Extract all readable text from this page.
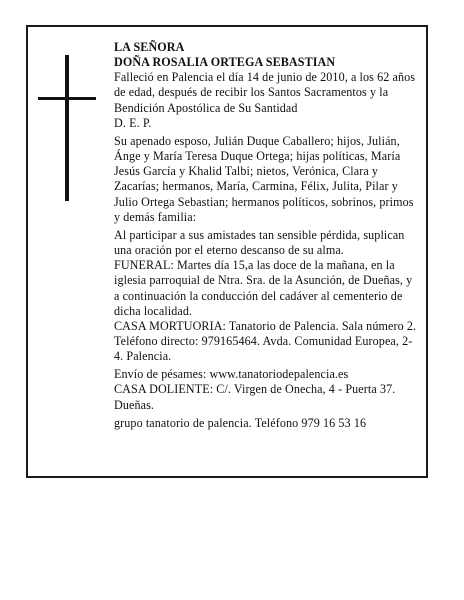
LA SEÑORA

DOÑA ROSALIA ORTEGA SEBASTIAN

Falleció en Palencia el día 14 de junio de 2010, a los 62 años de edad, después de recibir los Santos Sacramentos y la Bendición Apostólica de Su Santidad

D. E. P.

Su apenado esposo, Julián Duque Caballero; hijos, Julián, Ánge y María Teresa Duque Ortega; hijas políticas, María Jesús García y Khalid Talbi; nietos, Verónica, Clara y Zacarías; hermanos, María, Carmina, Félix, Julita, Pilar y Julio Ortega Sebastian; hermanos políticos, sobrinos, primos y demás familia:

Al participar a sus amistades tan sensible pérdida, suplican una oración por el eterno descanso de su alma.

FUNERAL: Martes día 15,a las doce de la mañana, en la iglesia parroquial de Ntra. Sra. de la Asunción, de Dueñas, y a continuación la conducción del cadáver al cementerio de dicha localidad.

CASA MORTUORIA: Tanatorio de Palencia. Sala número 2. Teléfono directo: 979165464. Avda. Comunidad Europea, 2-4. Palencia.

Envío de pésames: www.tanatoriodepalencia.es

CASA DOLIENTE: C/. Virgen de Onecha, 4 - Puerta 37. Dueñas.

grupo tanatorio de palencia. Teléfono 979 16 53 16
